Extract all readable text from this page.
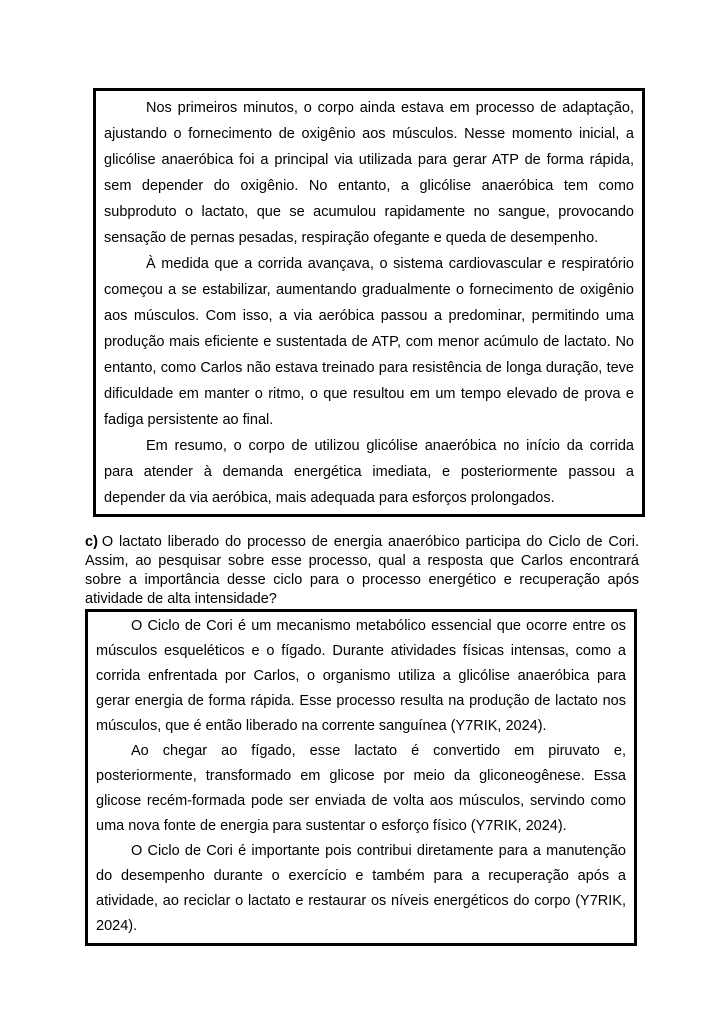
Nos primeiros minutos, o corpo ainda estava em processo de adaptação, ajustando o fornecimento de oxigênio aos músculos. Nesse momento inicial, a glicólise anaeróbica foi a principal via utilizada para gerar ATP de forma rápida, sem depender do oxigênio. No entanto, a glicólise anaeróbica tem como subproduto o lactato, que se acumulou rapidamente no sangue, provocando sensação de pernas pesadas, respiração ofegante e queda de desempenho.

À medida que a corrida avançava, o sistema cardiovascular e respiratório começou a se estabilizar, aumentando gradualmente o fornecimento de oxigênio aos músculos. Com isso, a via aeróbica passou a predominar, permitindo uma produção mais eficiente e sustentada de ATP, com menor acúmulo de lactato. No entanto, como Carlos não estava treinado para resistência de longa duração, teve dificuldade em manter o ritmo, o que resultou em um tempo elevado de prova e fadiga persistente ao final.

Em resumo, o corpo de utilizou glicólise anaeróbica no início da corrida para atender à demanda energética imediata, e posteriormente passou a depender da via aeróbica, mais adequada para esforços prolongados.

c) O lactato liberado do processo de energia anaeróbico participa do Ciclo de Cori. Assim, ao pesquisar sobre esse processo, qual a resposta que Carlos encontrará sobre a importância desse ciclo para o processo energético e recuperação após atividade de alta intensidade?

O Ciclo de Cori é um mecanismo metabólico essencial que ocorre entre os músculos esqueléticos e o fígado. Durante atividades físicas intensas, como a corrida enfrentada por Carlos, o organismo utiliza a glicólise anaeróbica para gerar energia de forma rápida. Esse processo resulta na produção de lactato nos músculos, que é então liberado na corrente sanguínea (Y7RIK, 2024).

Ao chegar ao fígado, esse lactato é convertido em piruvato e, posteriormente, transformado em glicose por meio da gliconeogênese. Essa glicose recém-formada pode ser enviada de volta aos músculos, servindo como uma nova fonte de energia para sustentar o esforço físico (Y7RIK, 2024).

O Ciclo de Cori é importante pois contribui diretamente para a manutenção do desempenho durante o exercício e também para a recuperação após a atividade, ao reciclar o lactato e restaurar os níveis energéticos do corpo (Y7RIK, 2024).
